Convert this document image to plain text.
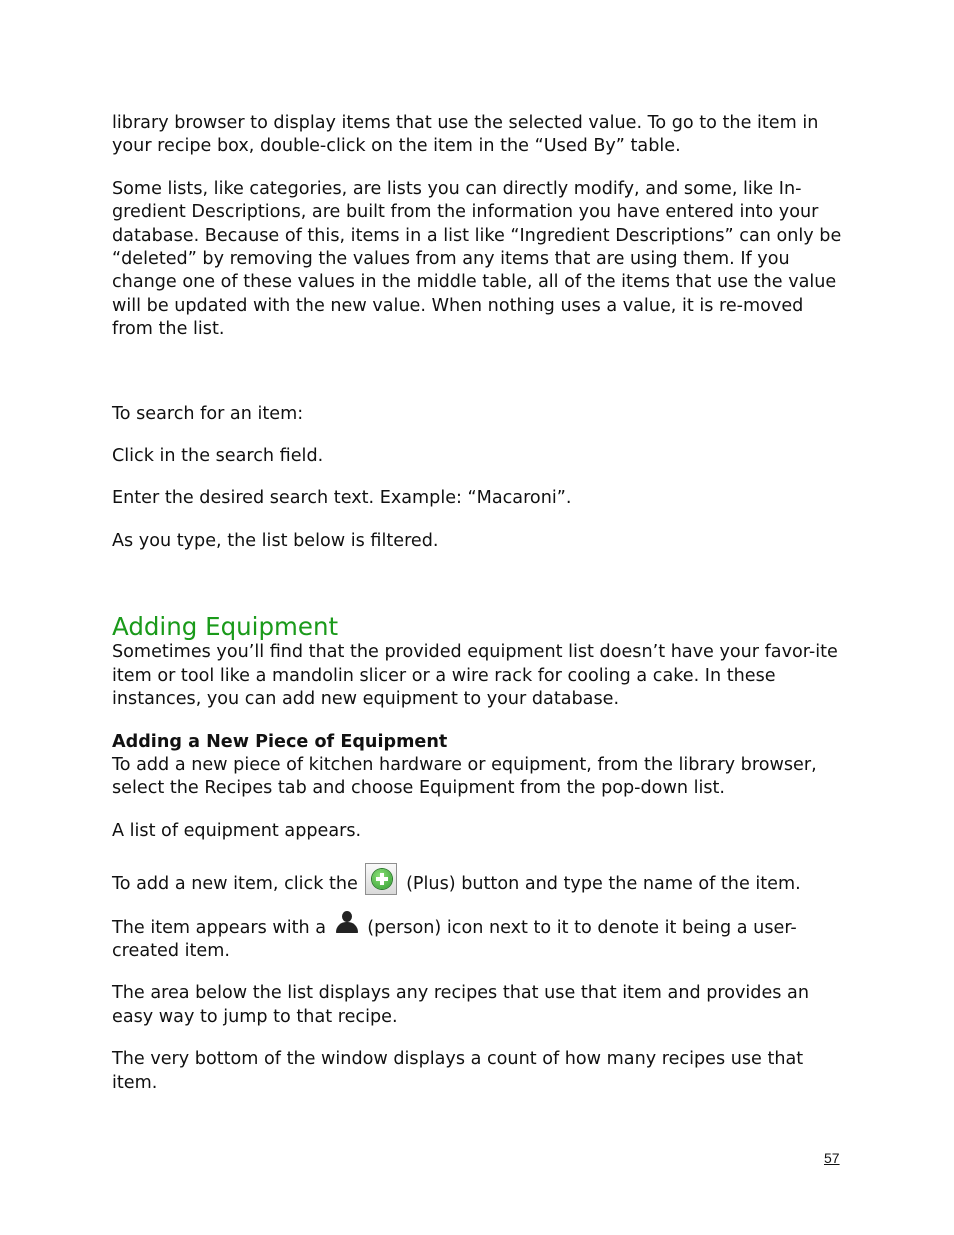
library browser to display items that use the selected value. To go to the item in your recipe box, double-click on the item in the “Used By” table.

Some lists, like categories, are lists you can directly modify, and some, like In-gredient Descriptions, are built from the information you have entered into your database. Because of this, items in a list like “Ingredient Descriptions” can only be “deleted” by removing the values from any items that are using them. If you change one of these values in the middle table, all of the items that use the value will be updated with the new value. When nothing uses a value, it is re-moved from the list.

To search for an item:

Click in the search field.

Enter the desired search text. Example: “Macaroni”.

As you type, the list below is filtered.

Adding Equipment

Sometimes you’ll find that the provided equipment list doesn’t have your favor-ite item or tool like a mandolin slicer or a wire rack for cooling a cake. In these instances, you can add new equipment to your database.

Adding a New Piece of Equipment

To add a new piece of kitchen hardware or equipment, from the library browser, select the Recipes tab and choose Equipment from the pop-down list.

A list of equipment appears.

To add a new item, click the	(Plus) button and type the name of the item.

The item appears with a (person) icon next to it to denote it being a user-created item.

The area below the list displays any recipes that use that item and provides an easy way to jump to that recipe.

The very bottom of the window displays a count of how many recipes use that item.

57
